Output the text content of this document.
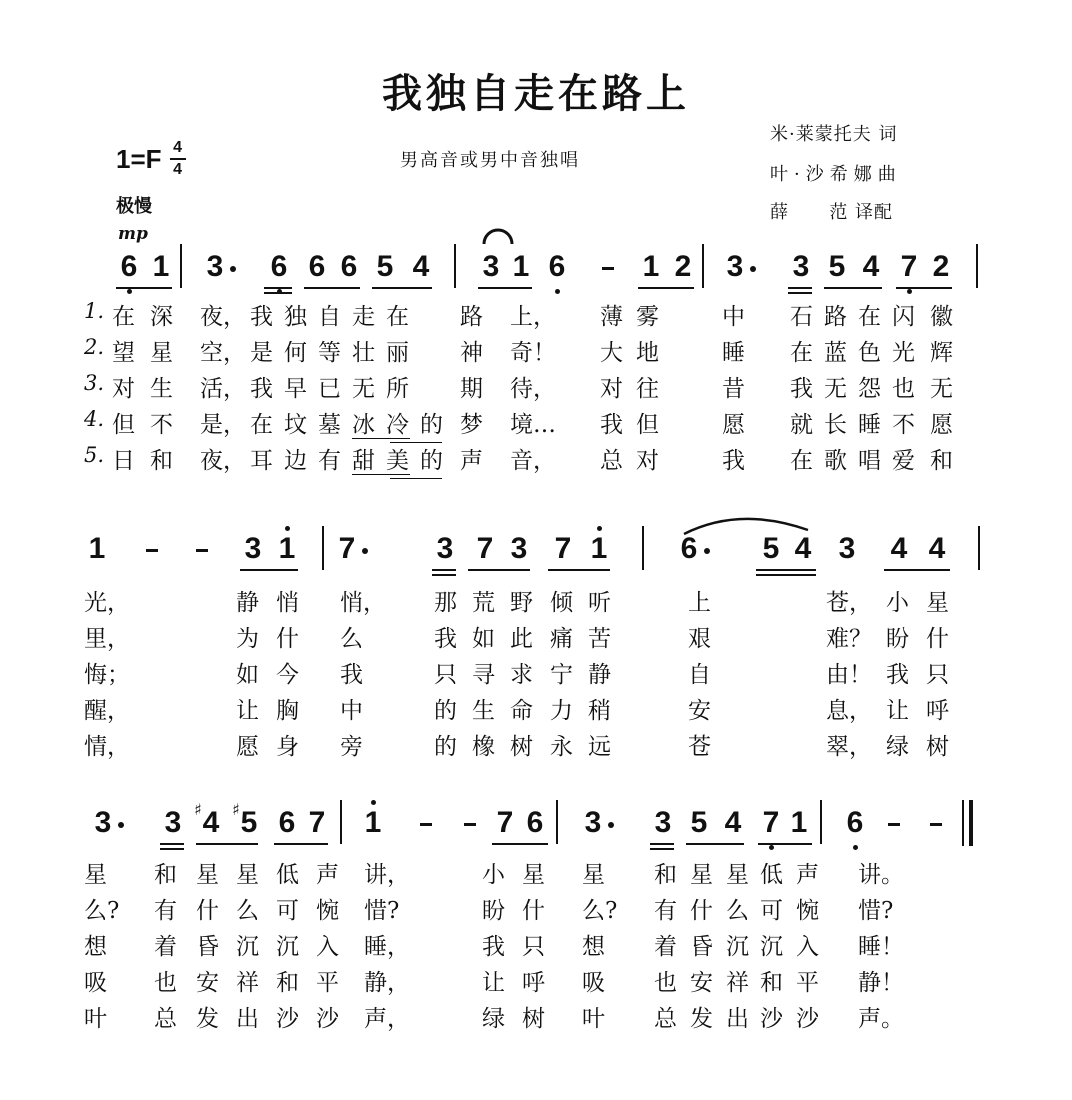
我独自走在路上
$1=F \frac{4}{4}$
极慢
男高音或男中音独唱
米·莱蒙托夫 词
叶·沙希娜曲
薛      范 译配
mp
6 1 3 6 6 6 5 4 3 1 6	1 2 3 3 5 4 7 2
1. 在 深 夜， 我 独 自 走 在 路 上， 薄 雾	中 石 路 在 闪 徽
2. 望 星 空， 是 何 等 壮 丽 神 奇！ 大 地	睡 在 蓝 色 光 辉
3. 对 生 活， 我 早 已 无 所 期 待， 对 往	昔 我 无 怨 也 无
4. 但 不 是， 在 坟 墓 冰 冷 的 梦 境… 我 但	愿 就 长 睡 不 愿
5. 日 和 夜， 耳 边 有 甜 美 的 声 音， 总 对	我 在 歌 唱 爱 和
1	3 1 7	3 7 3 7 1 6 5 4 3 4 4
光，	静 悄 悄， 那 荒 野 倾 听	上	苍， 小 星
里，	为 什 么	我 如 此 痛 苦	艰	难？ 盼 什
悔；	如 今 我	只 寻 求 宁 静	自	由！ 我 只
醒，	让 胸 中	的 生 命 力 稍	安	息， 让 呼
情，	愿 身 旁	的 橡 树 永 远	苍	翠， 绿 树
3 3 4
♯ 5
♯ 6 7 1	7 6 3 3 5 4 7 1 6
星 和 星 星 低 声 讲，	小 星 星 和 星 星 低 声 讲。
么? 有 什 么 可 惋 惜?	盼 什 么? 有 什 么 可 惋 惜?
想 着 昏 沉 沉 入 睡，	我 只 想 着 昏 沉 沉 入 睡！
吸 也 安 祥 和 平 静，	让 呼 吸 也 安 祥 和 平 静！
叶 总 发 出 沙 沙 声，	绿 树 叶 总 发 出 沙 沙 声。
